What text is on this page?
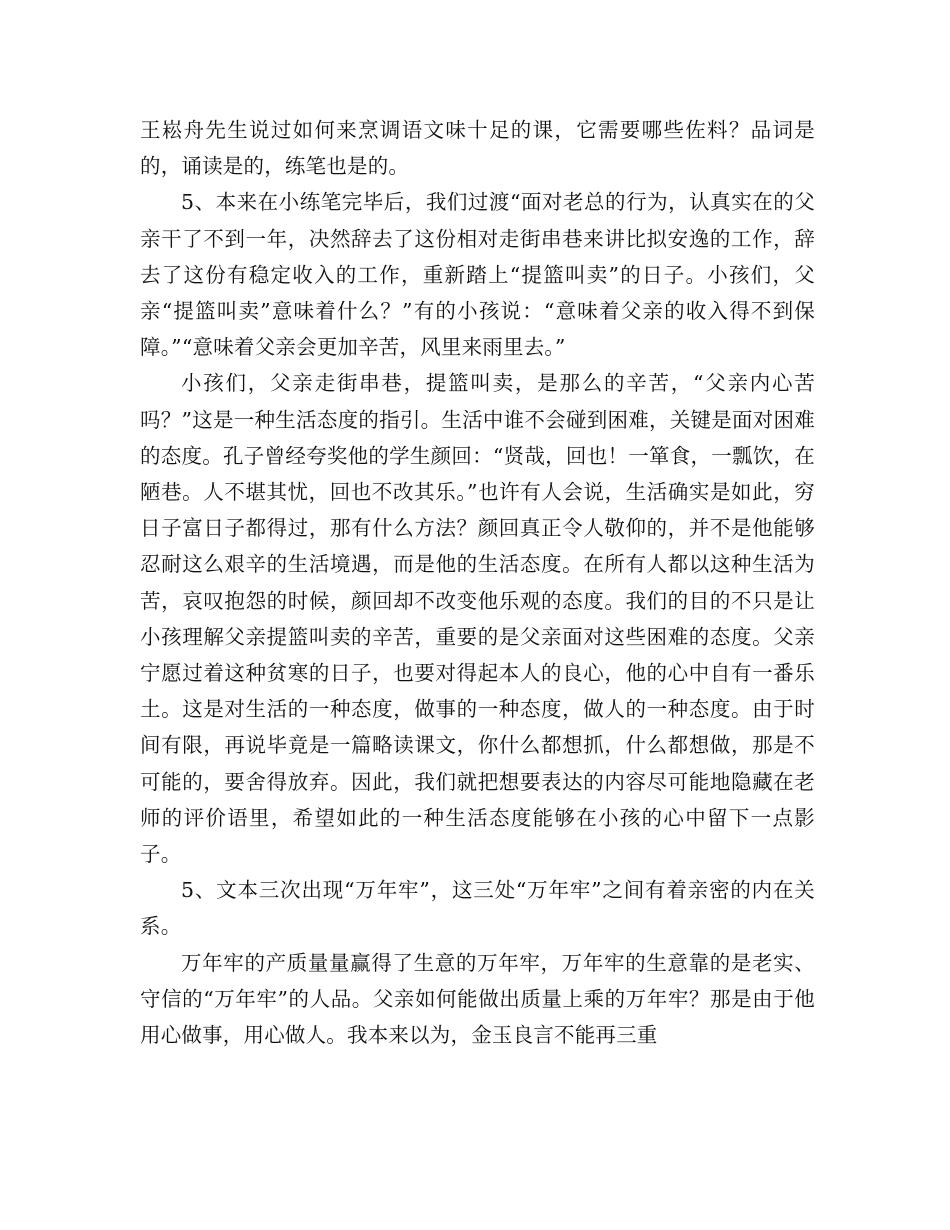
王崧舟先生说过如何来烹调语文味十足的课，它需要哪些佐料？品词是的，诵读是的，练笔也是的。

5、本来在小练笔完毕后，我们过渡“面对老总的行为，认真实在的父亲干了不到一年，决然辞去了这份相对走街串巷来讲比拟安逸的工作，辞去了这份有稳定收入的工作，重新踏上“提篮叫卖”的日子。小孩们，父亲“提篮叫卖”意味着什么？”有的小孩说：“意味着父亲的收入得不到保障。”“意味着父亲会更加辛苦，风里来雨里去。”

小孩们，父亲走街串巷，提篮叫卖，是那么的辛苦，“父亲内心苦吗？”这是一种生活态度的指引。生活中谁不会碰到困难，关键是面对困难的态度。孔子曾经夸奖他的学生颜回：“贤哉，回也！一箪食，一瓢饮，在陋巷。人不堪其忧，回也不改其乐。”也许有人会说，生活确实是如此，穷日子富日子都得过，那有什么方法？颜回真正令人敬仰的，并不是他能够忍耐这么艰辛的生活境遇，而是他的生活态度。在所有人都以这种生活为苦，哀叹抱怨的时候，颜回却不改变他乐观的态度。我们的目的不只是让小孩理解父亲提篮叫卖的辛苦，重要的是父亲面对这些困难的态度。父亲宁愿过着这种贫寒的日子，也要对得起本人的良心，他的心中自有一番乐土。这是对生活的一种态度，做事的一种态度，做人的一种态度。由于时间有限，再说毕竟是一篇略读课文，你什么都想抓，什么都想做，那是不可能的，要舍得放弃。因此，我们就把想要表达的内容尽可能地隐藏在老师的评价语里，希望如此的一种生活态度能够在小孩的心中留下一点影子。

5、文本三次出现“万年牢”，这三处“万年牢”之间有着亲密的内在关系。

万年牢的产质量量赢得了生意的万年牢，万年牢的生意靠的是老实、守信的“万年牢”的人品。父亲如何能做出质量上乘的万年牢？那是由于他用心做事，用心做人。我本来以为，金玉良言不能再三重
